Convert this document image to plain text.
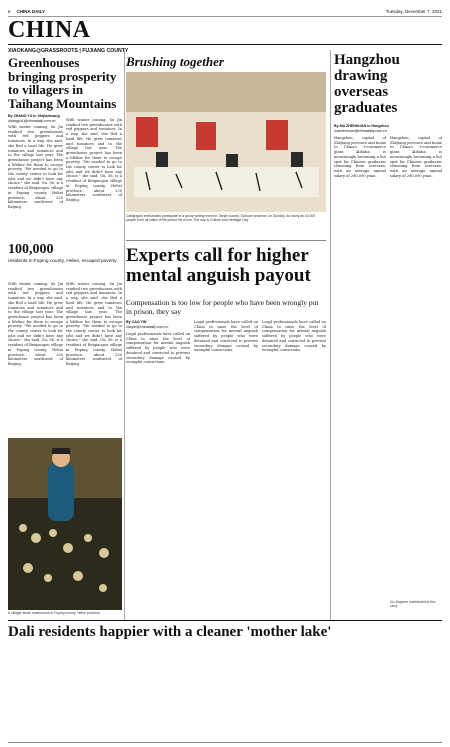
6 CHINA DAILY	Tuesday, December 7, 2021
CHINA
XIAOKANG@GRASSROOTS | FUJIANG COUNTY
Greenhouses bringing prosperity to villagers in Taihang Mountains
By ZHANG YU in Shijiazhuang
zhangyu1@chinadaily.com.cn
With winter coming, Su Jin readied two greenhouses with red peppers and tomatoes. In a way, she said, she fled a hard life. He grew tomatoes and tomatoes and to the village last year. The greenhouse project has been a lifeline for them to escape poverty. "We needed to go to the county center to look for jobs and we didn't have any choice," she said. Gu, 56, is a resident of Beiqiaogou village in Fuping county, Hebei province, about 230 kilometers southwest of Beijing.
With winter coming, Su Jin readied two greenhouses with red peppers and tomatoes. In a way, she said, she fled a hard life. He grew tomatoes and tomatoes and to the village last year. The greenhouse project has been a lifeline for them to escape poverty. "We needed to go to the county center to look for jobs and we didn't have any choice," she said. Gu, 56, is a resident of Beiqiaogou village in Fuping county, Hebei province, about 230 kilometers southwest of Beijing.
100,000
residents in Fuping county, Hebei, escaped poverty
With winter coming, Su Jin readied two greenhouses with red peppers and tomatoes. In a way, she said, she fled a hard life. He grew tomatoes and tomatoes and to the village last year. The greenhouse project has been a lifeline for them to escape poverty. "We needed to go to the county center to look for jobs and we didn't have any choice," she said. Gu, 56, is a resident of Beiqiaogou village in Fuping county, Hebei province, about 230 kilometers southwest of Beijing.
With winter coming, Su Jin readied two greenhouses with red peppers and tomatoes. In a way, she said, she fled a hard life. He grew tomatoes and tomatoes and to the village last year. The greenhouse project has been a lifeline for them to escape poverty. "We needed to go to the county center to look for jobs and we didn't have any choice," she said. Gu, 56, is a resident of Beiqiaogou village in Fuping county, Hebei province, about 230 kilometers southwest of Beijing.
A villager tends mushrooms in Fuping county, Hebei province.
Brushing together
Calligraphy enthusiasts participate in a group writing event in Tianjin county, Sichuan province, on Sunday. As many as 10,000 people from all walks of life joined the event. The day is Culture and Heritage Day.
Experts call for higher mental anguish payout
Compensation is too low for people who have been wrongly put in prison, they say
By CAO YIN
caoyin@chinadaily.com.cn
Legal professionals have called on China to raise the level of compensation for mental anguish suffered by people who were detained and convicted to prevent secondary damage caused by wrongful convictions.
Legal professionals have called on China to raise the level of compensation for mental anguish suffered by people who were detained and convicted to prevent secondary damage caused by wrongful convictions.
Legal professionals have called on China to raise the level of compensation for mental anguish suffered by people who were detained and convicted to prevent secondary damage caused by wrongful convictions.
Hangzhou drawing overseas graduates
By MA ZHENHUAN in Hangzhou
mazhenhuan@chinadaily.com.cn
Hangzhou, capital of Zhejiang province and home to China's e-commerce giant Alibaba, is increasingly becoming a hot spot for Chinese graduates returning from overseas, with an average annual salary of 280,000 yuan.
Hangzhou, capital of Zhejiang province and home to China's e-commerce giant Alibaba, is increasingly becoming a hot spot for Chinese graduates returning from overseas, with an average annual salary of 280,000 yuan.
Gu Jingwen contributed to this story.
Dali residents happier with a cleaner 'mother lake'
